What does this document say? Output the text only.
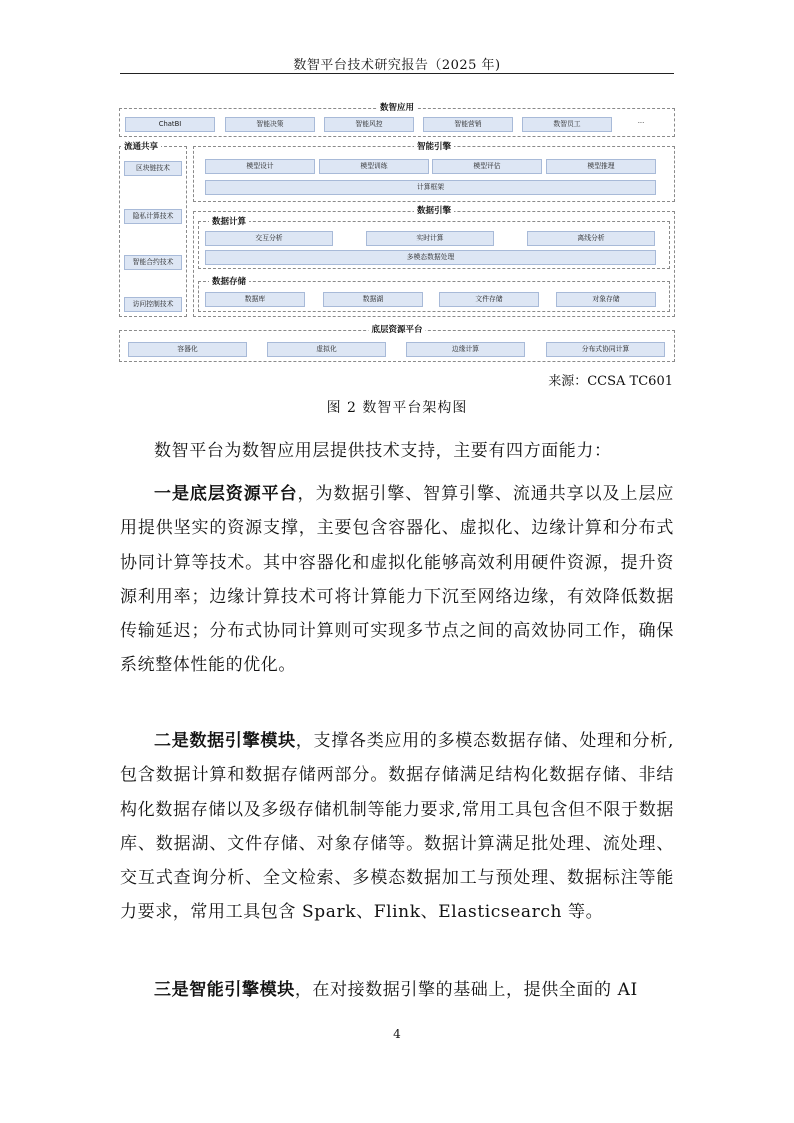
数智平台技术研究报告（2025 年)
数智应用
ChatBI	智能决策	智能风控	智能营销	数智员工	···
流通共享
区块链技术
隐私计算技术
智能合约技术
访问控制技术
智能引擎
模型设计	模型训练	模型评估	模型推理
计算框架
数据引擎
数据计算
交互分析	实时计算	离线分析
多模态数据处理
数据存储
数据库	数据湖	文件存储	对象存储
底层资源平台
容器化	虚拟化	边缘计算	分布式协同计算
来源：CCSA TC601
图 2 数智平台架构图

数智平台为数智应用层提供技术支持，主要有四方面能力：

一是底层资源平台，为数据引擎、智算引擎、流通共享以及上层应用提供坚实的资源支撑，主要包含容器化、虚拟化、边缘计算和分布式协同计算等技术。其中容器化和虚拟化能够高效利用硬件资源，提升资源利用率；边缘计算技术可将计算能力下沉至网络边缘，有效降低数据传输延迟；分布式协同计算则可实现多节点之间的高效协同工作，确保系统整体性能的优化。

二是数据引擎模块，支撑各类应用的多模态数据存储、处理和分析,包含数据计算和数据存储两部分。数据存储满足结构化数据存储、非结构化数据存储以及多级存储机制等能力要求,常用工具包含但不限于数据库、数据湖、文件存储、对象存储等。数据计算满足批处理、流处理、交互式查询分析、全文检索、多模态数据加工与预处理、数据标注等能力要求，常用工具包含 Spark、Flink、Elasticsearch 等。

三是智能引擎模块，在对接数据引擎的基础上，提供全面的 AI

4
